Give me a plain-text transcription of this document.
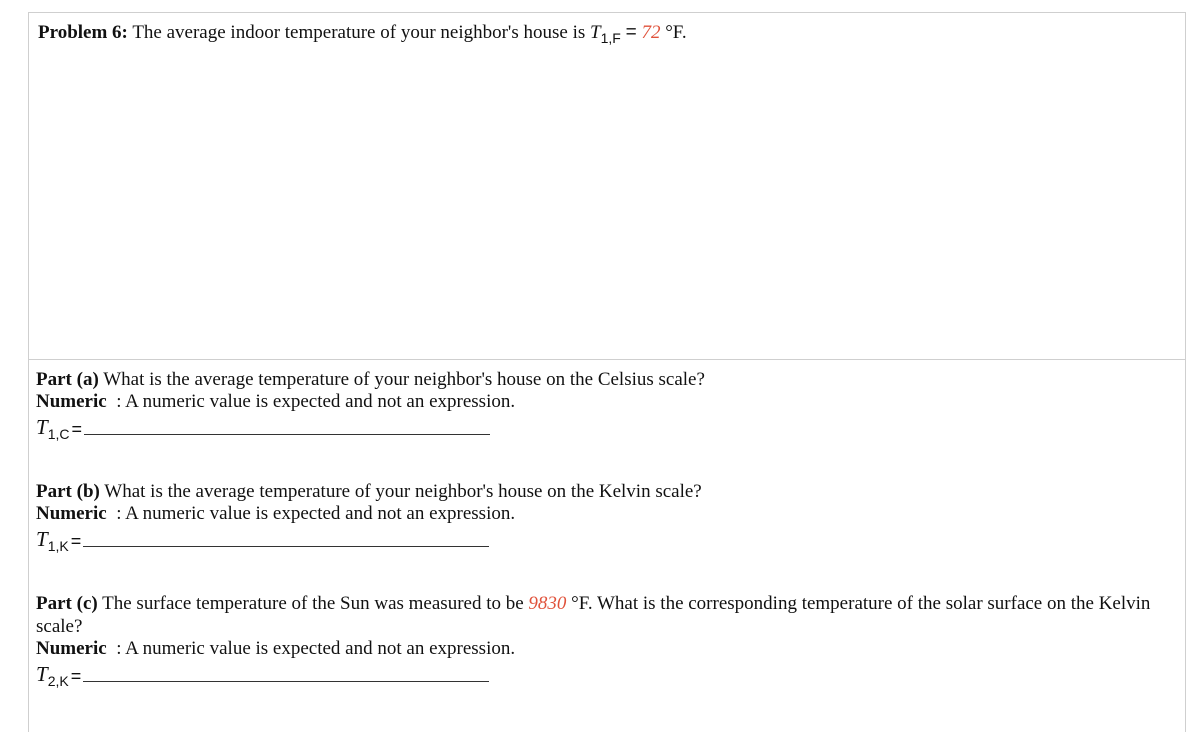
Problem 6: The average indoor temperature of your neighbor's house is $T_{1,F} = 72$ °F.
Part (a) What is the average temperature of your neighbor's house on the Celsius scale?
Numeric : A numeric value is expected and not an expression.
$T_{1,C}$ =
Part (b) What is the average temperature of your neighbor's house on the Kelvin scale?
Numeric : A numeric value is expected and not an expression.
$T_{1,K}$ =
Part (c) The surface temperature of the Sun was measured to be 9830 °F. What is the corresponding temperature of the solar surface on the Kelvin scale?
Numeric : A numeric value is expected and not an expression.
$T_{2,K}$ =
